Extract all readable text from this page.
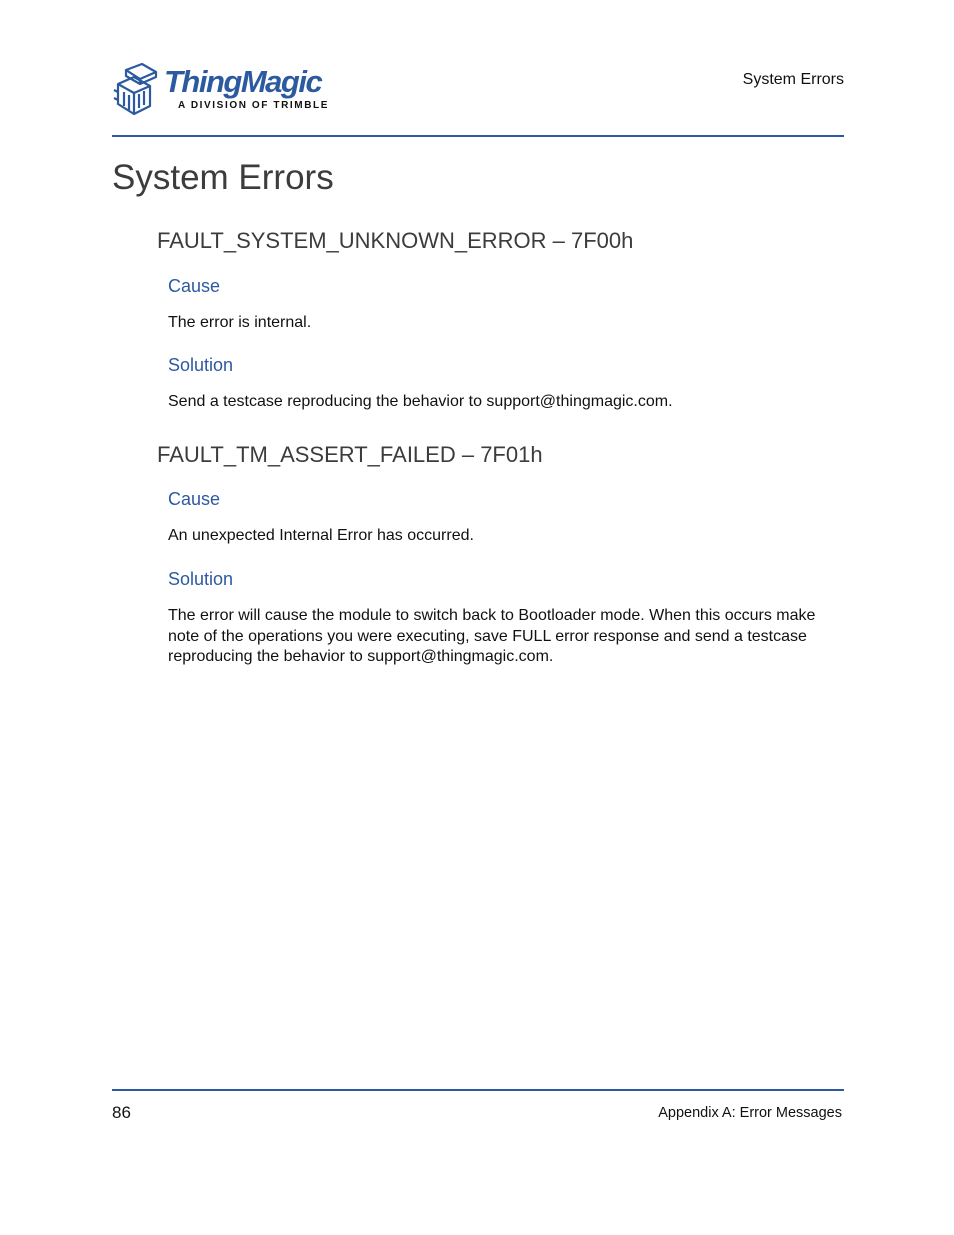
ThingMagic
A DIVISION OF TRIMBLE
System Errors
System Errors
FAULT_SYSTEM_UNKNOWN_ERROR – 7F00h
Cause

The error is internal.

Solution

Send a testcase reproducing the behavior to support@thingmagic.com.

FAULT_TM_ASSERT_FAILED – 7F01h
Cause

An unexpected Internal Error has occurred.

Solution

The error will cause the module to switch back to Bootloader mode. When this occurs make note of the operations you were executing, save FULL error response and send a testcase reproducing the behavior to support@thingmagic.com.

86	Appendix A: Error Messages
